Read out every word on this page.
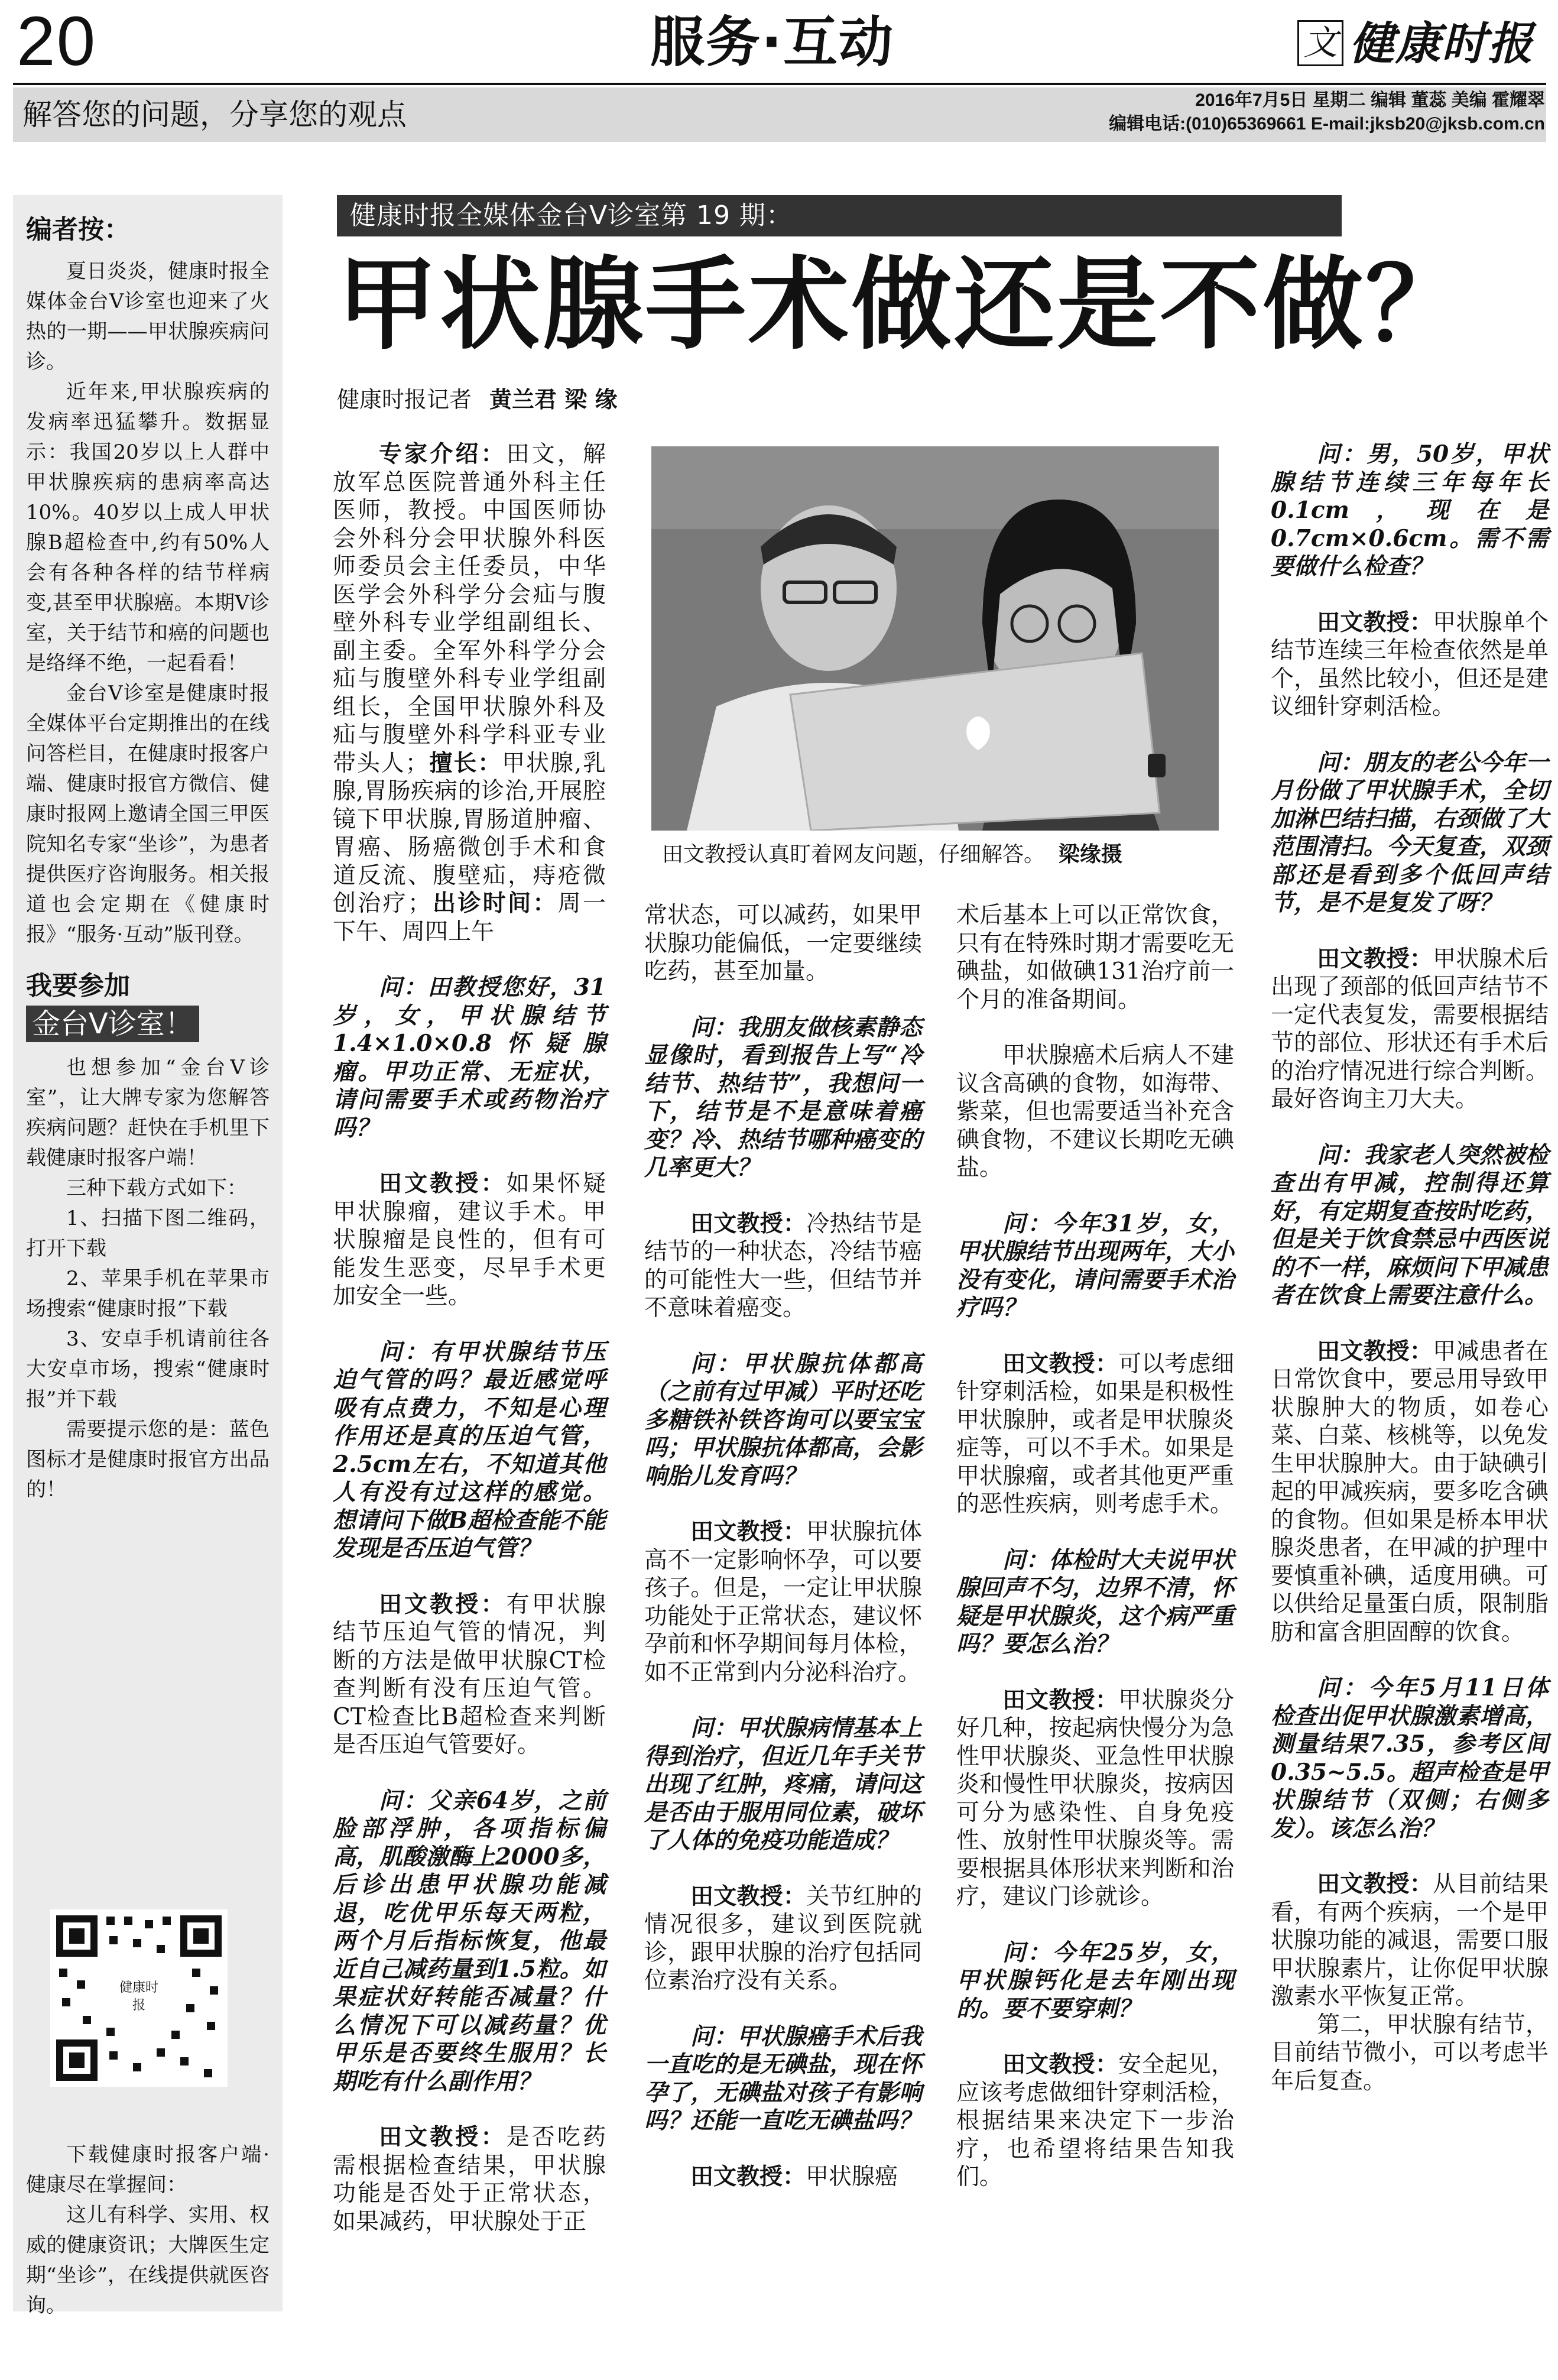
20	服务·互动	文 健康时报
解答您的问题，分享您的观点	2016年7月5日 星期二 编辑 董蕊 美编 霍耀翠
编辑电话:(010)65369661 E-mail:jksb20@jksb.com.cn
编者按：
夏日炎炎，健康时报全媒体金台Ⅴ诊室也迎来了火热的一期——甲状腺疾病问诊。
近年来,甲状腺疾病的发病率迅猛攀升。数据显示：我国20岁以上人群中甲状腺疾病的患病率高达10%。40岁以上成人甲状腺B超检查中,约有50%人会有各种各样的结节样病变,甚至甲状腺癌。本期Ⅴ诊室，关于结节和癌的问题也是络绎不绝，一起看看！
金台Ⅴ诊室是健康时报全媒体平台定期推出的在线问答栏目，在健康时报客户端、健康时报官方微信、健康时报网上邀请全国三甲医院知名专家“坐诊”，为患者提供医疗咨询服务。相关报道也会定期在《健康时报》“服务·互动”版刊登。
我要参加
金台Ⅴ诊室！
也想参加“金台Ⅴ诊室”，让大牌专家为您解答疾病问题？赶快在手机里下载健康时报客户端！
三种下载方式如下：
1、扫描下图二维码，打开下载
2、苹果手机在苹果市场搜索“健康时报”下载
3、安卓手机请前往各大安卓市场，搜索“健康时报”并下载
需要提示您的是：蓝色图标才是健康时报官方出品的！
下载健康时报客户端·健康尽在掌握间：
这儿有科学、实用、权威的健康资讯；大牌医生定期“坐诊”，在线提供就医咨询。
健康时报
健康时报全媒体金台Ⅴ诊室第 19 期：
甲状腺手术做还是不做？
健康时报记者 黄兰君 梁 缘
田文教授认真盯着网友问题，仔细解答。 梁缘摄

专家介绍：田文，解放军总医院普通外科主任医师，教授。中国医师协会外科分会甲状腺外科医师委员会主任委员，中华医学会外科学分会疝与腹壁外科专业学组副组长、副主委。全军外科学分会疝与腹壁外科专业学组副组长，全国甲状腺外科及疝与腹壁外科学科亚专业带头人；擅长：甲状腺,乳腺,胃肠疾病的诊治,开展腔镜下甲状腺,胃肠道肿瘤、胃癌、肠癌微创手术和食道反流、腹壁疝，痔疮微创治疗；出诊时间：周一下午、周四上午

问：田教授您好，31岁，女，甲状腺结节1.4×1.0×0.8怀疑腺瘤。甲功正常、无症状，请问需要手术或药物治疗吗？

田文教授：如果怀疑甲状腺瘤，建议手术。甲状腺瘤是良性的，但有可能发生恶变，尽早手术更加安全一些。

问：有甲状腺结节压迫气管的吗？最近感觉呼吸有点费力，不知是心理作用还是真的压迫气管，2.5cm左右，不知道其他人有没有过这样的感觉。想请问下做B超检查能不能发现是否压迫气管？

田文教授：有甲状腺结节压迫气管的情况，判断的方法是做甲状腺CT检查判断有没有压迫气管。CT检查比B超检查来判断是否压迫气管要好。

问：父亲64岁，之前脸部浮肿，各项指标偏高，肌酸激酶上2000多，后诊出患甲状腺功能减退，吃优甲乐每天两粒，两个月后指标恢复，他最近自己减药量到1.5粒。如果症状好转能否减量？什么情况下可以减药量？优甲乐是否要终生服用？长期吃有什么副作用？

田文教授：是否吃药需根据检查结果，甲状腺功能是否处于正常状态，如果减药，甲状腺处于正

常状态，可以减药，如果甲状腺功能偏低，一定要继续吃药，甚至加量。

问：我朋友做核素静态显像时，看到报告上写“冷结节、热结节”，我想问一下，结节是不是意味着癌变？冷、热结节哪种癌变的几率更大？

田文教授：冷热结节是结节的一种状态，冷结节癌的可能性大一些，但结节并不意味着癌变。

问：甲状腺抗体都高（之前有过甲减）平时还吃多糖铁补铁咨询可以要宝宝吗；甲状腺抗体都高，会影响胎儿发育吗？

田文教授：甲状腺抗体高不一定影响怀孕，可以要孩子。但是，一定让甲状腺功能处于正常状态，建议怀孕前和怀孕期间每月体检，如不正常到内分泌科治疗。

问：甲状腺病情基本上得到治疗，但近几年手关节出现了红肿，疼痛，请问这是否由于服用同位素，破坏了人体的免疫功能造成？

田文教授：关节红肿的情况很多，建议到医院就诊，跟甲状腺的治疗包括同位素治疗没有关系。

问：甲状腺癌手术后我一直吃的是无碘盐，现在怀孕了，无碘盐对孩子有影响吗？还能一直吃无碘盐吗？

田文教授：甲状腺癌

术后基本上可以正常饮食，只有在特殊时期才需要吃无碘盐，如做碘131治疗前一个月的准备期间。

甲状腺癌术后病人不建议含高碘的食物，如海带、紫菜，但也需要适当补充含碘食物，不建议长期吃无碘盐。

问：今年31岁，女，甲状腺结节出现两年，大小没有变化，请问需要手术治疗吗？

田文教授：可以考虑细针穿刺活检，如果是积极性甲状腺肿，或者是甲状腺炎症等，可以不手术。如果是甲状腺瘤，或者其他更严重的恶性疾病，则考虑手术。

问：体检时大夫说甲状腺回声不匀，边界不清，怀疑是甲状腺炎，这个病严重吗？要怎么治？

田文教授：甲状腺炎分好几种，按起病快慢分为急性甲状腺炎、亚急性甲状腺炎和慢性甲状腺炎，按病因可分为感染性、自身免疫性、放射性甲状腺炎等。需要根据具体形状来判断和治疗，建议门诊就诊。

问：今年25岁，女，甲状腺钙化是去年刚出现的。要不要穿刺？

田文教授：安全起见，应该考虑做细针穿刺活检，根据结果来决定下一步治疗，也希望将结果告知我们。

问：男，50岁，甲状腺结节连续三年每年长0.1cm，现在是0.7cm×0.6cm。需不需要做什么检查？

田文教授：甲状腺单个结节连续三年检查依然是单个，虽然比较小，但还是建议细针穿刺活检。

问：朋友的老公今年一月份做了甲状腺手术，全切加淋巴结扫描，右颈做了大范围清扫。今天复查，双颈部还是看到多个低回声结节，是不是复发了呀？

田文教授：甲状腺术后出现了颈部的低回声结节不一定代表复发，需要根据结节的部位、形状还有手术后的治疗情况进行综合判断。最好咨询主刀大夫。

问：我家老人突然被检查出有甲减，控制得还算好，有定期复查按时吃药，但是关于饮食禁忌中西医说的不一样，麻烦问下甲减患者在饮食上需要注意什么。

田文教授：甲减患者在日常饮食中，要忌用导致甲状腺肿大的物质，如卷心菜、白菜、核桃等，以免发生甲状腺肿大。由于缺碘引起的甲减疾病，要多吃含碘的食物。但如果是桥本甲状腺炎患者，在甲减的护理中要慎重补碘，适度用碘。可以供给足量蛋白质，限制脂肪和富含胆固醇的饮食。

问：今年5月11日体检查出促甲状腺激素增高，测量结果7.35，参考区间0.35~5.5。超声检查是甲状腺结节（双侧；右侧多发）。该怎么治？

田文教授：从目前结果看，有两个疾病，一个是甲状腺功能的减退，需要口服甲状腺素片，让你促甲状腺激素水平恢复正常。

第二，甲状腺有结节，目前结节微小，可以考虑半年后复查。
